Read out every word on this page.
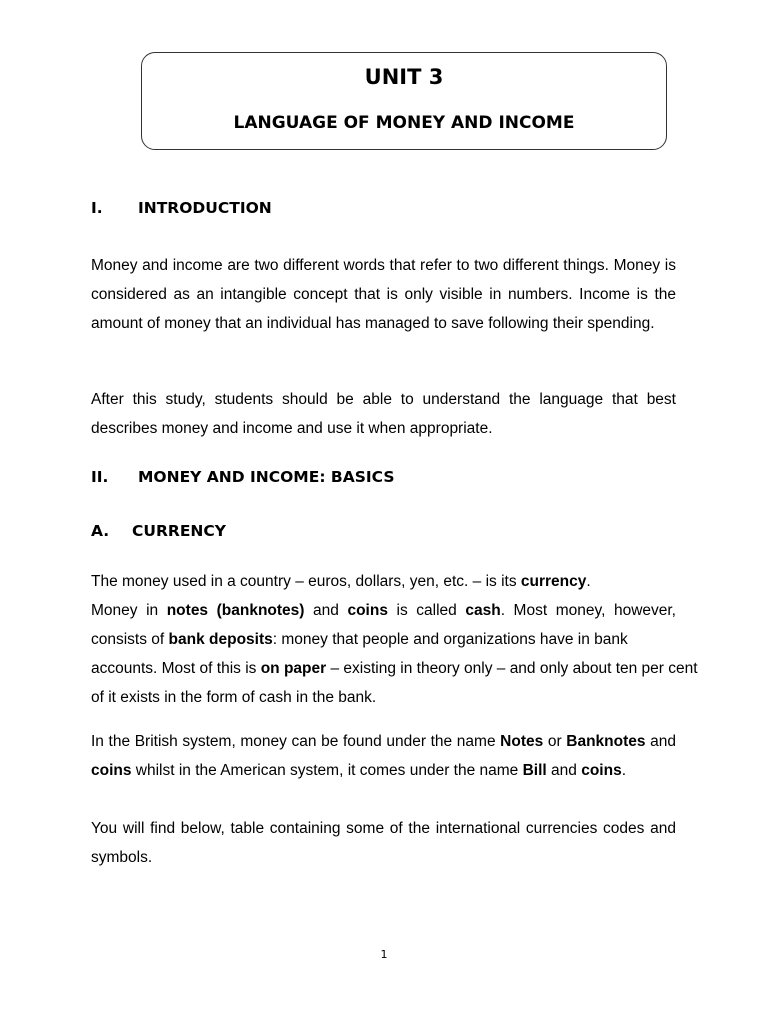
UNIT 3
LANGUAGE OF MONEY AND INCOME
I. INTRODUCTION

Money and income are two different words that refer to two different things. Money is considered as an intangible concept that is only visible in numbers. Income is the amount of money that an individual has managed to save following their spending.

After this study, students should be able to understand the language that best describes money and income and use it when appropriate.

II. MONEY AND INCOME: BASICS
A. CURRENCY
The money used in a country – euros, dollars, yen, etc. – is its currency.
Money in notes (banknotes) and coins is called cash. Most money, however,
consists of bank deposits: money that people and organizations have in bank
accounts. Most of this is on paper – existing in theory only – and only about ten per cent
of it exists in the form of cash in the bank.
In the British system, money can be found under the name Notes or Banknotes and
coins whilst in the American system, it comes under the name Bill and coins.

You will find below, table containing some of the international currencies codes and symbols.

1
